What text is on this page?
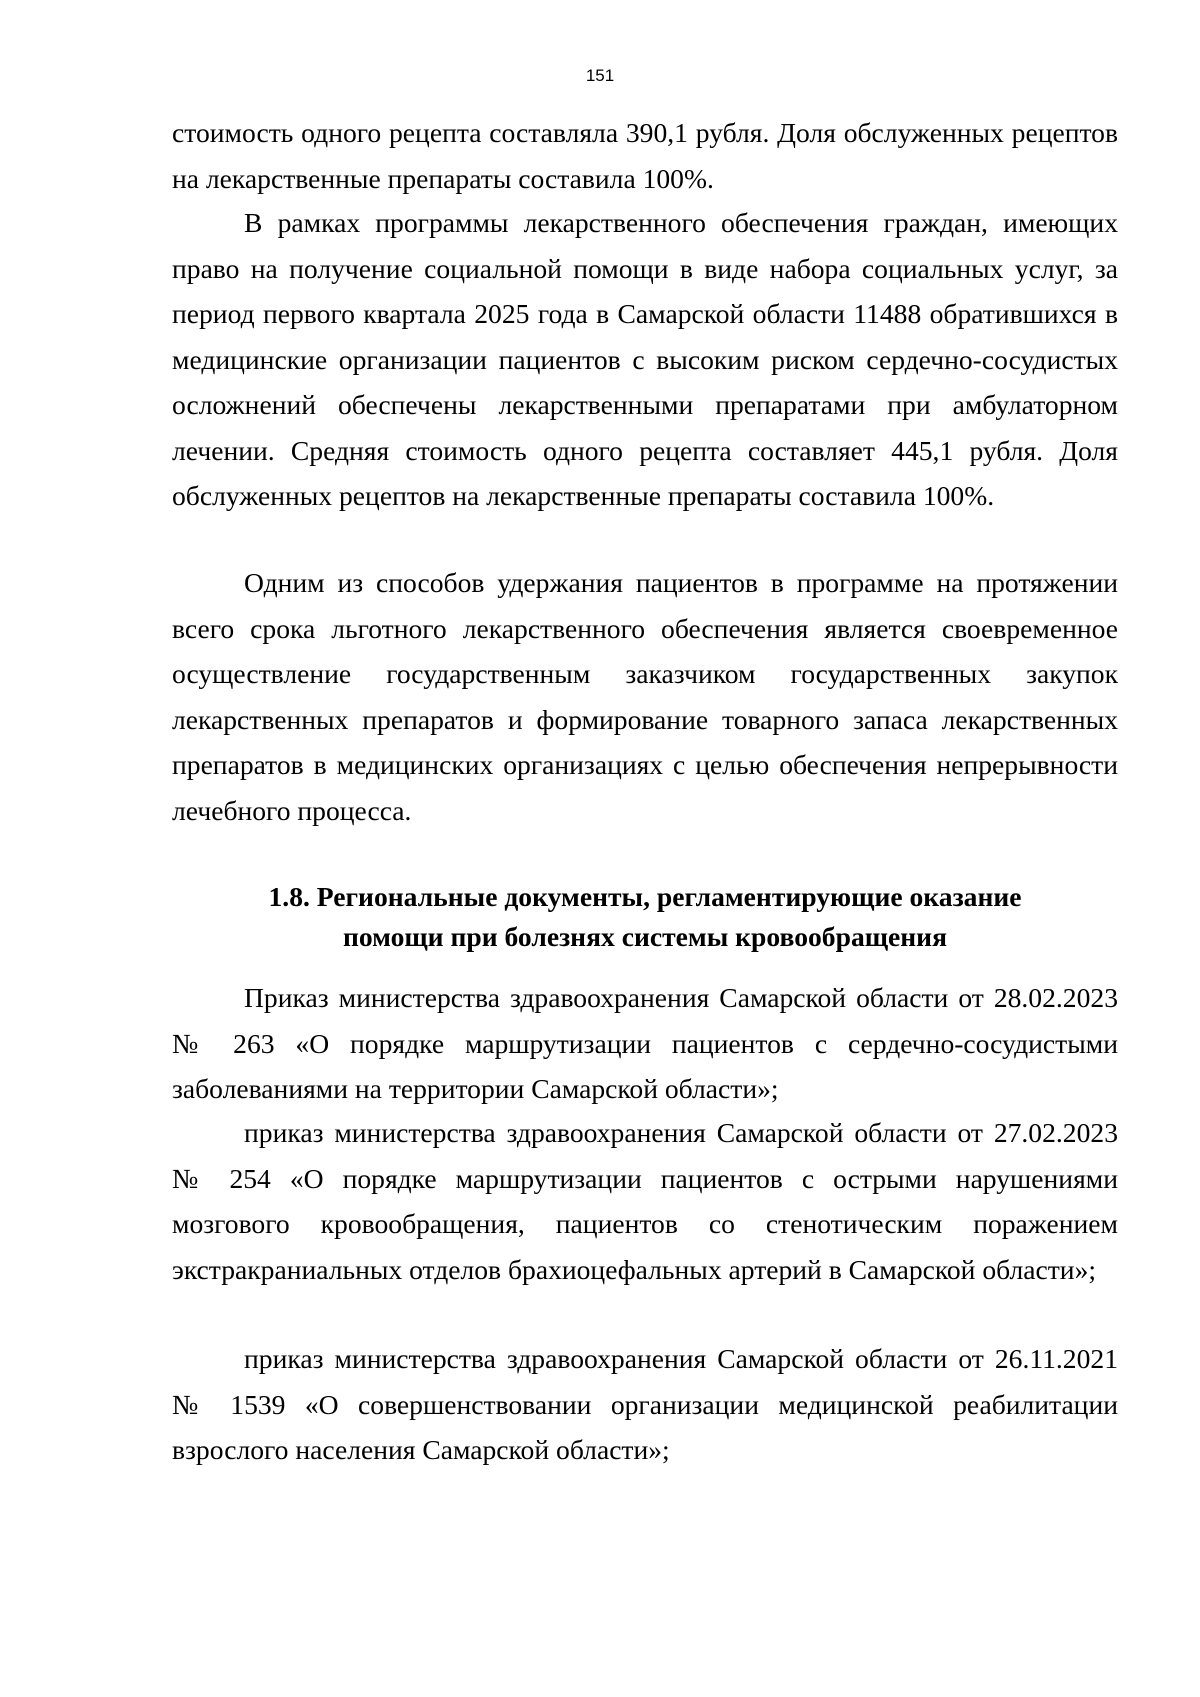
151

стоимость одного рецепта составляла 390,1 рубля. Доля обслуженных рецептов на лекарственные препараты составила 100%.

В рамках программы лекарственного обеспечения граждан, имеющих право на получение социальной помощи в виде набора социальных услуг, за период первого квартала 2025 года в Самарской области 11488 обратившихся в медицинские организации пациентов с высоким риском сердечно-сосудистых осложнений обеспечены лекарственными препаратами при амбулаторном лечении. Средняя стоимость одного рецепта составляет 445,1 рубля. Доля обслуженных рецептов на лекарственные препараты составила 100%.

Одним из способов удержания пациентов в программе на протяжении всего срока льготного лекарственного обеспечения является своевременное осуществление государственным заказчиком государственных закупок лекарственных препаратов и формирование товарного запаса лекарственных препаратов в медицинских организациях с целью обеспечения непрерывности лечебного процесса.

1.8. Региональные документы, регламентирующие оказание
помощи при болезнях системы кровообращения

Приказ министерства здравоохранения Самарской области от 28.02.2023 № 263 «О порядке маршрутизации пациентов с сердечно-сосудистыми заболеваниями на территории Самарской области»;

приказ министерства здравоохранения Самарской области от 27.02.2023 № 254 «О порядке маршрутизации пациентов с острыми нарушениями мозгового кровообращения, пациентов со стенотическим поражением экстракраниальных отделов брахиоцефальных артерий в Самарской области»;

приказ министерства здравоохранения Самарской области от 26.11.2021 № 1539 «О совершенствовании организации медицинской реабилитации взрослого населения Самарской области»;
